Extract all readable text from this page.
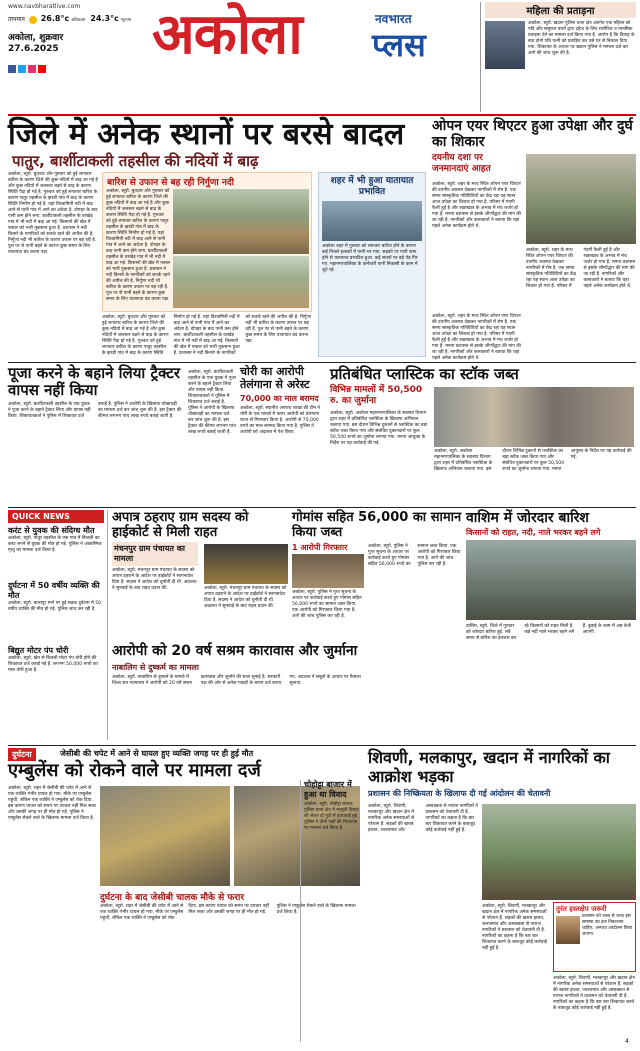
www.navbharatlive.com
तापमान 26.8°c अधिकतम 24.3°c न्यूनतम
अकोला, शुक्रवार
27.6.2025 अकोला	नवभारत
प्लस
महिला की प्रताड़ना
अकोला, ब्यूरो. खदान पुलिस थाना क्षेत्र अंतर्गत एक महिला को पति और ससुराल वालों द्वारा दहेज के लिए शारीरिक व मानसिक प्रताड़ना देने का मामला दर्ज किया गया है. आरोप है कि विवाह के बाद दोनों पति पत्नी को प्रताड़ित कर उसे घर से निकाल दिया गया. शिकायत के आधार पर खदान पुलिस ने मामला दर्ज कर आगे की जांच शुरू की है.
जिले में अनेक स्थानों पर बरसे बादल
पातुर, बार्शीटाकली तहसील की नदियों में बाढ़
अकोला, ब्यूरो. बुधवार और गुरुवार को हुई लगातार बारिश के कारण जिले की कुछ नदियों में बाढ़ आ गई है और कुछ नदियों में जलस्तर बढ़ने से बाढ़ के कारण स्थिति पैदा हो गई है. गुरुवार को हुई लगातार बारिश के कारण पातुर तहसील के झरंडी गांव में बाढ़ के कारण स्थिति निर्माण हो गई है. यहां विश्वामित्री नदी में बाढ़ आने से पानी गांव में आने का अंदेशा है. दोपहर के बाद पानी कम होने लगा. बार्शीटाकली तहसील के वरखेड़ गांव में भी नदी में बाढ़ आ गई. किसानों की खेत में फसल को भारी नुकसान हुआ है. प्रशासन ने नदी किनारे के नागरिकों को सतर्क रहने की अपील की है. निर्गुणा नदी भी बारिश के कारण उफान पर बह रही है. पुल पर से पानी बहने के कारण कुछ समय के लिए यातायात बंद करना पड़ा.
बारिश से उफान से बह रही निर्गुणा नदी
अकोला, ब्यूरो. बुधवार और गुरुवार को हुई लगातार बारिश के कारण जिले की कुछ नदियों में बाढ़ आ गई है और कुछ नदियों में जलस्तर बढ़ने से बाढ़ के कारण स्थिति पैदा हो गई है. गुरुवार को हुई लगातार बारिश के कारण पातुर तहसील के झरंडी गांव में बाढ़ के कारण स्थिति निर्माण हो गई है. यहां विश्वामित्री नदी में बाढ़ आने से पानी गांव में आने का अंदेशा है. दोपहर के बाद पानी कम होने लगा. बार्शीटाकली तहसील के वरखेड़ गांव में भी नदी में बाढ़ आ गई. किसानों की खेत में फसल को भारी नुकसान हुआ है. प्रशासन ने नदी किनारे के नागरिकों को सतर्क रहने की अपील की है. निर्गुणा नदी भी बारिश के कारण उफान पर बह रही है. पुल पर से पानी बहने के कारण कुछ समय के लिए यातायात बंद करना पड़ा.
अकोला, ब्यूरो. बुधवार और गुरुवार को हुई लगातार बारिश के कारण जिले की कुछ नदियों में बाढ़ आ गई है और कुछ नदियों में जलस्तर बढ़ने से बाढ़ के कारण स्थिति पैदा हो गई है. गुरुवार को हुई लगातार बारिश के कारण पातुर तहसील के झरंडी गांव में बाढ़ के कारण स्थिति निर्माण हो गई है. यहां विश्वामित्री नदी में बाढ़ आने से पानी गांव में आने का अंदेशा है. दोपहर के बाद पानी कम होने लगा. बार्शीटाकली तहसील के वरखेड़ गांव में भी नदी में बाढ़ आ गई. किसानों की खेत में फसल को भारी नुकसान हुआ है. प्रशासन ने नदी किनारे के नागरिकों को सतर्क रहने की अपील की है. निर्गुणा नदी भी बारिश के कारण उफान पर बह रही है. पुल पर से पानी बहने के कारण कुछ समय के लिए यातायात बंद करना पड़ा.
शहर में भी हुआ यातायात प्रभावित
अकोला शहर में गुरुवार को लगातार बारिश होने के कारण कई निचले इलाकों में पानी भर गया. सड़कों पर पानी जमा होने से यातायात प्रभावित हुआ. कई स्थानों पर बड़े पेड़ गिर गए. महानगरपालिका के कर्मचारी पानी निकासी के काम में जुटे रहे.
ओपन एयर थिएटर हुआ उपेक्षा और दुर्घ का शिकार
दयनीय दशा पर जनमानदाएं आहत
अकोला, ब्यूरो. शहर के मध्य स्थित ओपन एयर थिएटर की दयनीय अवस्था देखकर नागरिकों में रोष है. एक समय सांस्कृतिक गतिविधियों का केंद्र रहा यह स्थान आज उपेक्षा का शिकार हो गया है. परिसर में गंदगी फैली हुई है और रखरखाव के अभाव में मंच जर्जर हो गया है. मनपा प्रशासन से इसके जीर्णोद्धार की मांग की जा रही है. नागरिकों और कलाकारों ने बताया कि यहां पहले अनेक कार्यक्रम होते थे.
अकोला, ब्यूरो. शहर के मध्य स्थित ओपन एयर थिएटर की दयनीय अवस्था देखकर नागरिकों में रोष है. एक समय सांस्कृतिक गतिविधियों का केंद्र रहा यह स्थान आज उपेक्षा का शिकार हो गया है. परिसर में गंदगी फैली हुई है और रखरखाव के अभाव में मंच जर्जर हो गया है. मनपा प्रशासन से इसके जीर्णोद्धार की मांग की जा रही है. नागरिकों और कलाकारों ने बताया कि यहां पहले अनेक कार्यक्रम होते थे.
अकोला, ब्यूरो. शहर के मध्य स्थित ओपन एयर थिएटर की दयनीय अवस्था देखकर नागरिकों में रोष है. एक समय सांस्कृतिक गतिविधियों का केंद्र रहा यह स्थान आज उपेक्षा का शिकार हो गया है. परिसर में गंदगी फैली हुई है और रखरखाव के अभाव में मंच जर्जर हो गया है. मनपा प्रशासन से इसके जीर्णोद्धार की मांग की जा रही है. नागरिकों और कलाकारों ने बताया कि यहां पहले अनेक कार्यक्रम होते थे.
पूजा करने के बहाने लिया ट्रैक्टर वापस नहीं किया
अकोला, ब्यूरो. बार्शीटाकली तहसील के एक युवक ने पूजा करने के बहाने ट्रैक्टर लिया और वापस नहीं किया. शिकायतकर्ता ने पुलिस में शिकायत दर्ज कराई है. पुलिस ने आरोपी के खिलाफ धोखाधड़ी का मामला दर्ज कर जांच शुरू की है. इस ट्रैक्टर की कीमत लगभग पांच लाख रुपये बताई जाती है.
अकोला, ब्यूरो. बार्शीटाकली तहसील के एक युवक ने पूजा करने के बहाने ट्रैक्टर लिया और वापस नहीं किया. शिकायतकर्ता ने पुलिस में शिकायत दर्ज कराई है. पुलिस ने आरोपी के खिलाफ धोखाधड़ी का मामला दर्ज कर जांच शुरू की है. इस ट्रैक्टर की कीमत लगभग पांच लाख रुपये बताई जाती है.
चोरी का आरोपी तेलंगाना से अरेस्ट
70,000 का माल बरामद
अकोला, ब्यूरो. स्थानीय अपराध शाखा की टीम ने चोरी के एक मामले में फरार आरोपी को तेलंगाना राज्य से गिरफ्तार किया है. आरोपी से 70,000 रुपये का माल बरामद किया गया है. पुलिस ने आरोपी को अदालत में पेश किया.
प्रतिबंधित प्लास्टिक का स्टॉक जब्त
विभिन्न मामलों में 50,500 रु. का जुर्माना
अकोला, ब्यूरो. अकोला महानगरपालिका के स्वास्थ्य विभाग द्वारा शहर में प्रतिबंधित प्लास्टिक के खिलाफ अभियान चलाया गया. इस दौरान विभिन्न दुकानों से प्लास्टिक का बड़ा स्टॉक जब्त किया गया और संबंधित दुकानदारों पर कुल 50,500 रुपये का जुर्माना लगाया गया. मनपा आयुक्त के निर्देश पर यह कार्रवाई की गई.
अकोला, ब्यूरो. अकोला महानगरपालिका के स्वास्थ्य विभाग द्वारा शहर में प्रतिबंधित प्लास्टिक के खिलाफ अभियान चलाया गया. इस दौरान विभिन्न दुकानों से प्लास्टिक का बड़ा स्टॉक जब्त किया गया और संबंधित दुकानदारों पर कुल 50,500 रुपये का जुर्माना लगाया गया. मनपा आयुक्त के निर्देश पर यह कार्रवाई की गई.
QUICK NEWS
करंट से युवक की संदिग्ध मौत
अकोला, ब्यूरो. पातुर तहसील के एक गांव में बिजली का करंट लगने से युवक की मौत हो गई. पुलिस ने आकस्मिक मृत्यु का मामला दर्ज किया है.
दुर्घटना में 50 वर्षीय व्यक्ति की मौत
अकोला, ब्यूरो. बालापुर मार्ग पर हुई सड़क दुर्घटना में 50 वर्षीय व्यक्ति की मौत हो गई. पुलिस जांच कर रही है.
बिद्युत मोटर पंप चोरी
अकोला, ब्यूरो. खेत से बिजली मोटर पंप चोरी होने की शिकायत दर्ज कराई गई है. लगभग 50,000 रुपये का माल चोरी हुआ है.
अपात्र ठहराए ग्राम सदस्य को हाईकोर्ट से मिली राहत
मंचनपुर ग्राम पंचायत का मामला
अकोला, ब्यूरो. मंचनपुर ग्राम पंचायत के सदस्य को अपात्र ठहराने के आदेश पर हाईकोर्ट ने स्थगनादेश दिया है. सदस्य ने आदेश को चुनौती दी थी. अदालत ने सुनवाई के बाद राहत प्रदान की.	अकोला, ब्यूरो. मंचनपुर ग्राम पंचायत के सदस्य को अपात्र ठहराने के आदेश पर हाईकोर्ट ने स्थगनादेश दिया है. सदस्य ने आदेश को चुनौती दी थी. अदालत ने सुनवाई के बाद राहत प्रदान की.
गोमांस सहित 56,000 का सामान किया जब्त
1 आरोपी गिरफ्तार
अकोला, ब्यूरो. पुलिस ने गुप्त सूचना के आधार पर कार्रवाई करते हुए गोमांस सहित 56,000 रुपये का सामान जब्त किया. एक आरोपी को गिरफ्तार किया गया है. आगे की जांच पुलिस कर रही है.
अकोला, ब्यूरो. पुलिस ने गुप्त सूचना के आधार पर कार्रवाई करते हुए गोमांस सहित 56,000 रुपये का सामान जब्त किया. एक आरोपी को गिरफ्तार किया गया है. आगे की जांच पुलिस कर रही है.
वाशिम में जोरदार बारिश
किसानों को राहत, नदी, नाले भरकर बहने लगे
वाशिम, ब्यूरो. जिले में गुरुवार को जोरदार बारिश हुई. लंबे समय से बारिश का इंतजार कर रहे किसानों को राहत मिली है. कई नदी नाले भरकर बहने लगे हैं. बुवाई के काम में अब तेजी आएगी.
आरोपी को 20 वर्ष सश्रम कारावास और जुर्माना
नाबालिग से दुष्कर्म का मामला
अकोला, ब्यूरो. नाबालिग से दुष्कर्म के मामले में जिला सत्र न्यायालय ने आरोपी को 20 वर्ष सश्रम कारावास और जुर्माने की सजा सुनाई है. सरकारी पक्ष की ओर से अनेक गवाहों के बयान दर्ज कराए गए. अदालत ने सबूतों के आधार पर फैसला सुनाया.
दुर्घटना	जेसीबी की चपेट में आने से घायल हुए व्यक्ति जगह पर ही हुई मौत
एम्बुलेंस को रोकने वाले पर मामला दर्ज
अकोला, ब्यूरो. शहर में जेसीबी की चपेट में आने से एक व्यक्ति गंभीर घायल हो गया. मौके पर एम्बुलेंस पहुंची, लेकिन एक व्यक्ति ने एम्बुलेंस को रोक दिया. इस कारण घायल को समय पर उपचार नहीं मिल सका और उसकी जगह पर ही मौत हो गई. पुलिस ने एम्बुलेंस रोकने वाले के खिलाफ मामला दर्ज किया है.
दुर्घटना के बाद जेसीबी चालक मौके से फरार
अकोला, ब्यूरो. शहर में जेसीबी की चपेट में आने से एक व्यक्ति गंभीर घायल हो गया. मौके पर एम्बुलेंस पहुंची, लेकिन एक व्यक्ति ने एम्बुलेंस को रोक दिया. इस कारण घायल को समय पर उपचार नहीं मिल सका और उसकी जगह पर ही मौत हो गई. पुलिस ने एम्बुलेंस रोकने वाले के खिलाफ मामला दर्ज किया है.
चोहोट्टा बाजार में हुआ था विवाद
अकोला, ब्यूरो. चोहोट्टा बाजार पुलिस थाना क्षेत्र में मामूली विवाद को लेकर दो गुटों में हाथापाई हुई. पुलिस ने दोनों पक्षों की शिकायत पर मामला दर्ज किया है.
शिवणी, मलकापुर, खदान में नागरिकों का आक्रोश भड़का
प्रशासन की निष्क्रियता के खिलाफ दी गई आंदोलन की चेतावनी
अकोला, ब्यूरो. शिवणी, मलकापुर और खदान क्षेत्र में नागरिक अनेक समस्याओं से परेशान हैं. सड़कों की खराब हालत, जलजमाव और अस्वच्छता से नाराज नागरिकों ने प्रशासन को चेतावनी दी है. नागरिकों का कहना है कि बार बार शिकायत करने के बावजूद कोई कार्रवाई नहीं हुई है.
तुरंत हस्तक्षेप जरूरी
प्रशासन को जल्द से जल्द इस समस्या का हल निकालना चाहिए, अन्यथा आंदोलन किया जाएगा.
अकोला, ब्यूरो. शिवणी, मलकापुर और खदान क्षेत्र में नागरिक अनेक समस्याओं से परेशान हैं. सड़कों की खराब हालत, जलजमाव और अस्वच्छता से नाराज नागरिकों ने प्रशासन को चेतावनी दी है. नागरिकों का कहना है कि बार बार शिकायत करने के बावजूद कोई कार्रवाई नहीं हुई है.
अकोला, ब्यूरो. शिवणी, मलकापुर और खदान क्षेत्र में नागरिक अनेक समस्याओं से परेशान हैं. सड़कों की खराब हालत, जलजमाव और अस्वच्छता से नाराज नागरिकों ने प्रशासन को चेतावनी दी है. नागरिकों का कहना है कि बार बार शिकायत करने के बावजूद कोई कार्रवाई नहीं हुई है.
4
